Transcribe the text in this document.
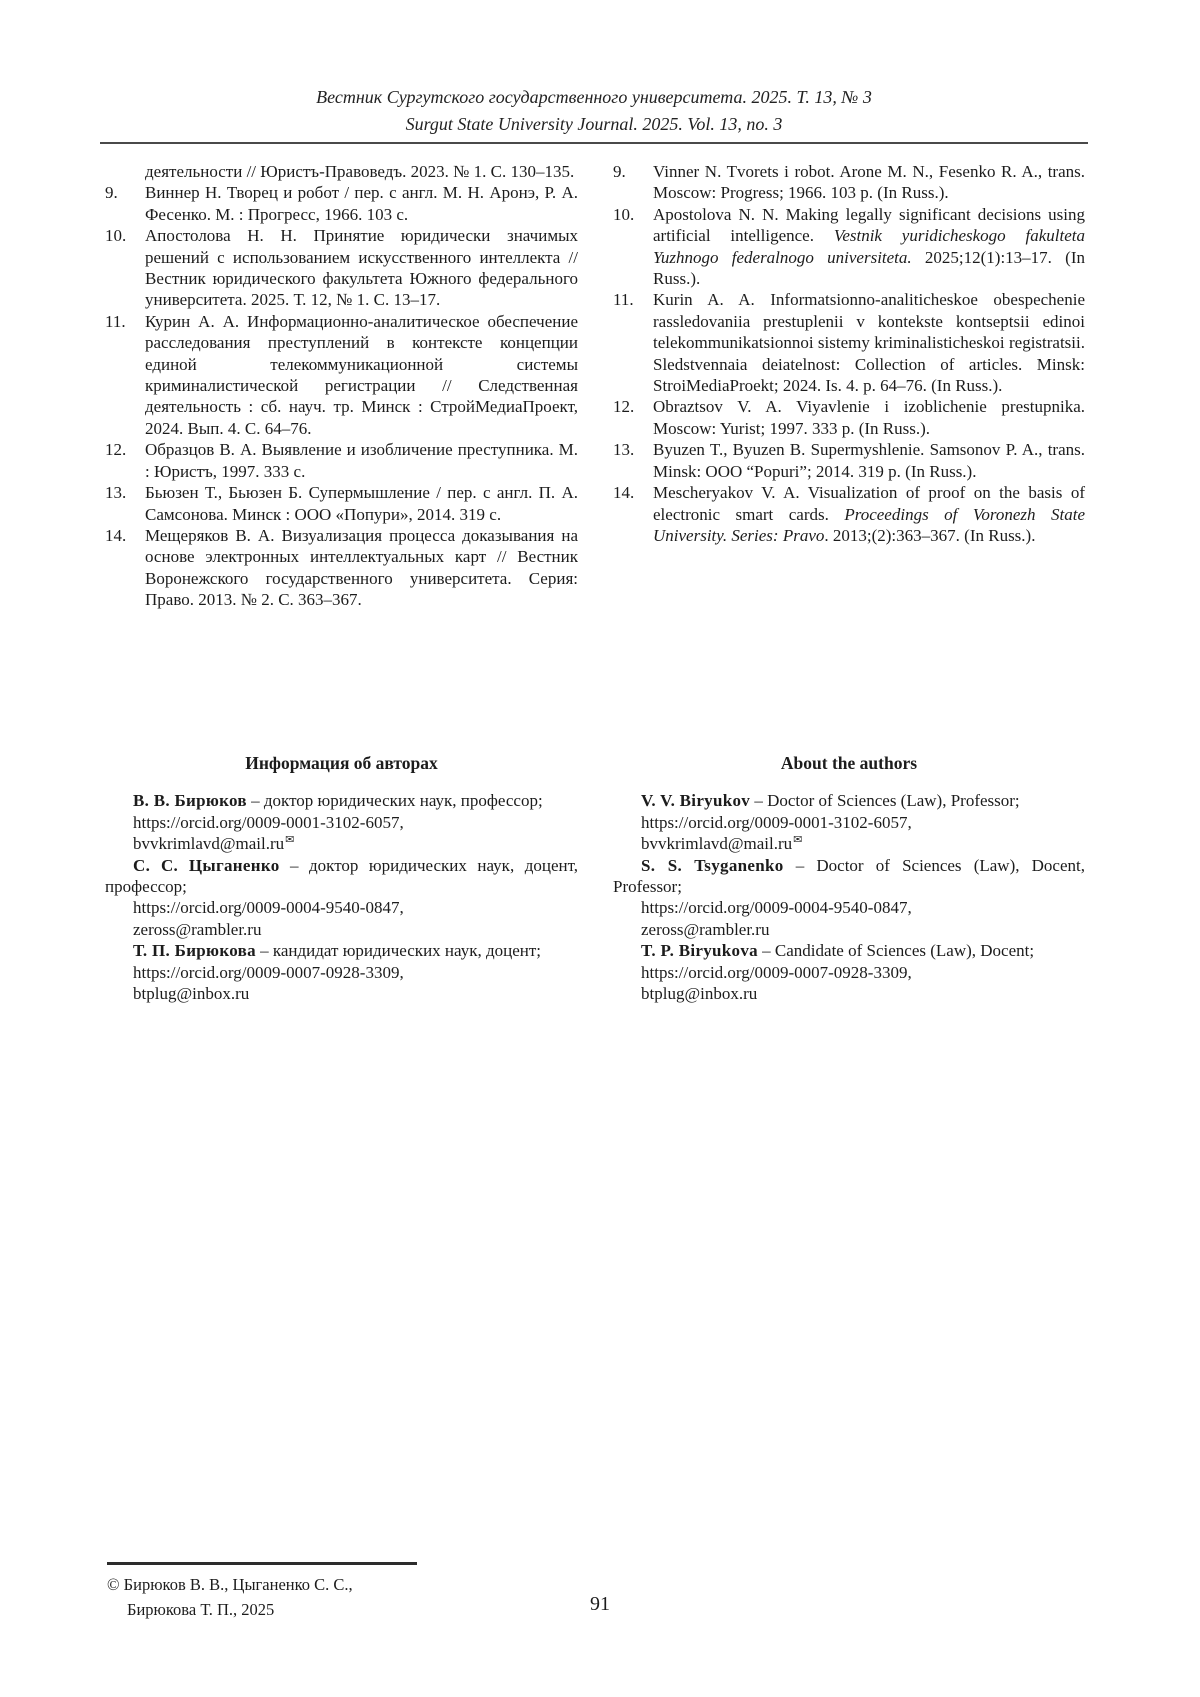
Вестник Сургутского государственного университета. 2025. Т. 13, № 3
Surgut State University Journal. 2025. Vol. 13, no. 3
деятельности // Юристъ-Правоведъ. 2023. № 1. С. 130–135.
9. Виннер Н. Творец и робот / пер. с англ. М. Н. Аронэ, Р. А. Фесенко. М. : Прогресс, 1966. 103 с.
10. Апостолова Н. Н. Принятие юридически значимых решений с использованием искусственного интеллекта // Вестник юридического факультета Южного федерального университета. 2025. Т. 12, № 1. С. 13–17.
11. Курин А. А. Информационно-аналитическое обеспечение расследования преступлений в контексте концепции единой телекоммуникационной системы криминалистической регистрации // Следственная деятельность : сб. науч. тр. Минск : СтройМедиаПроект, 2024. Вып. 4. С. 64–76.
12. Образцов В. А. Выявление и изобличение преступника. М. : Юристъ, 1997. 333 с.
13. Бьюзен Т., Бьюзен Б. Супермышление / пер. с англ. П. А. Самсонова. Минск : ООО «Попури», 2014. 319 с.
14. Мещеряков В. А. Визуализация процесса доказывания на основе электронных интеллектуальных карт // Вестник Воронежского государственного университета. Серия: Право. 2013. № 2. С. 363–367.

Информация об авторах

В. В. Бирюков – доктор юридических наук, профессор;

https://orcid.org/0009-0001-3102-6057,
bvvkrimlavd@mail.ru✉

С. С. Цыганенко – доктор юридических наук, доцент, профессор;

https://orcid.org/0009-0004-9540-0847,
zeross@rambler.ru

Т. П. Бирюкова – кандидат юридических наук, доцент;

https://orcid.org/0009-0007-0928-3309,
btplug@inbox.ru
9. Vinner N. Tvorets i robot. Arone M. N., Fesenko R. A., trans. Moscow: Progress; 1966. 103 p. (In Russ.).
10. Apostolova N. N. Making legally significant decisions using artificial intelligence. Vestnik yuridicheskogo fakulteta Yuzhnogo federalnogo universiteta. 2025;12(1):13–17. (In Russ.).
11. Kurin A. A. Informatsionno-analiticheskoe obespechenie rassledovaniia prestuplenii v kontekste kontseptsii edinoi telekommunikatsionnoi sistemy kriminalisticheskoi registratsii. Sledstvennaia deiatelnost: Collection of articles. Minsk: StroiMediaProekt; 2024. Is. 4. p. 64–76. (In Russ.).
12. Obraztsov V. A. Viyavlenie i izoblichenie prestupnika. Moscow: Yurist; 1997. 333 p. (In Russ.).
13. Byuzen T., Byuzen B. Supermyshlenie. Samsonov P. A., trans. Minsk: OOO “Popuri”; 2014. 319 p. (In Russ.).
14. Mescheryakov V. A. Visualization of proof on the basis of electronic smart cards. Proceedings of Voronezh State University. Series: Pravo. 2013;(2):363–367. (In Russ.).

About the authors

V. V. Biryukov – Doctor of Sciences (Law), Professor;

https://orcid.org/0009-0001-3102-6057,
bvvkrimlavd@mail.ru✉

S. S. Tsyganenko – Doctor of Sciences (Law), Docent, Professor;

https://orcid.org/0009-0004-9540-0847,
zeross@rambler.ru

T. P. Biryukova – Candidate of Sciences (Law), Docent;

https://orcid.org/0009-0007-0928-3309,
btplug@inbox.ru
© Бирюков В. В., Цыганенко С. С.,
Бирюкова Т. П., 2025	91
